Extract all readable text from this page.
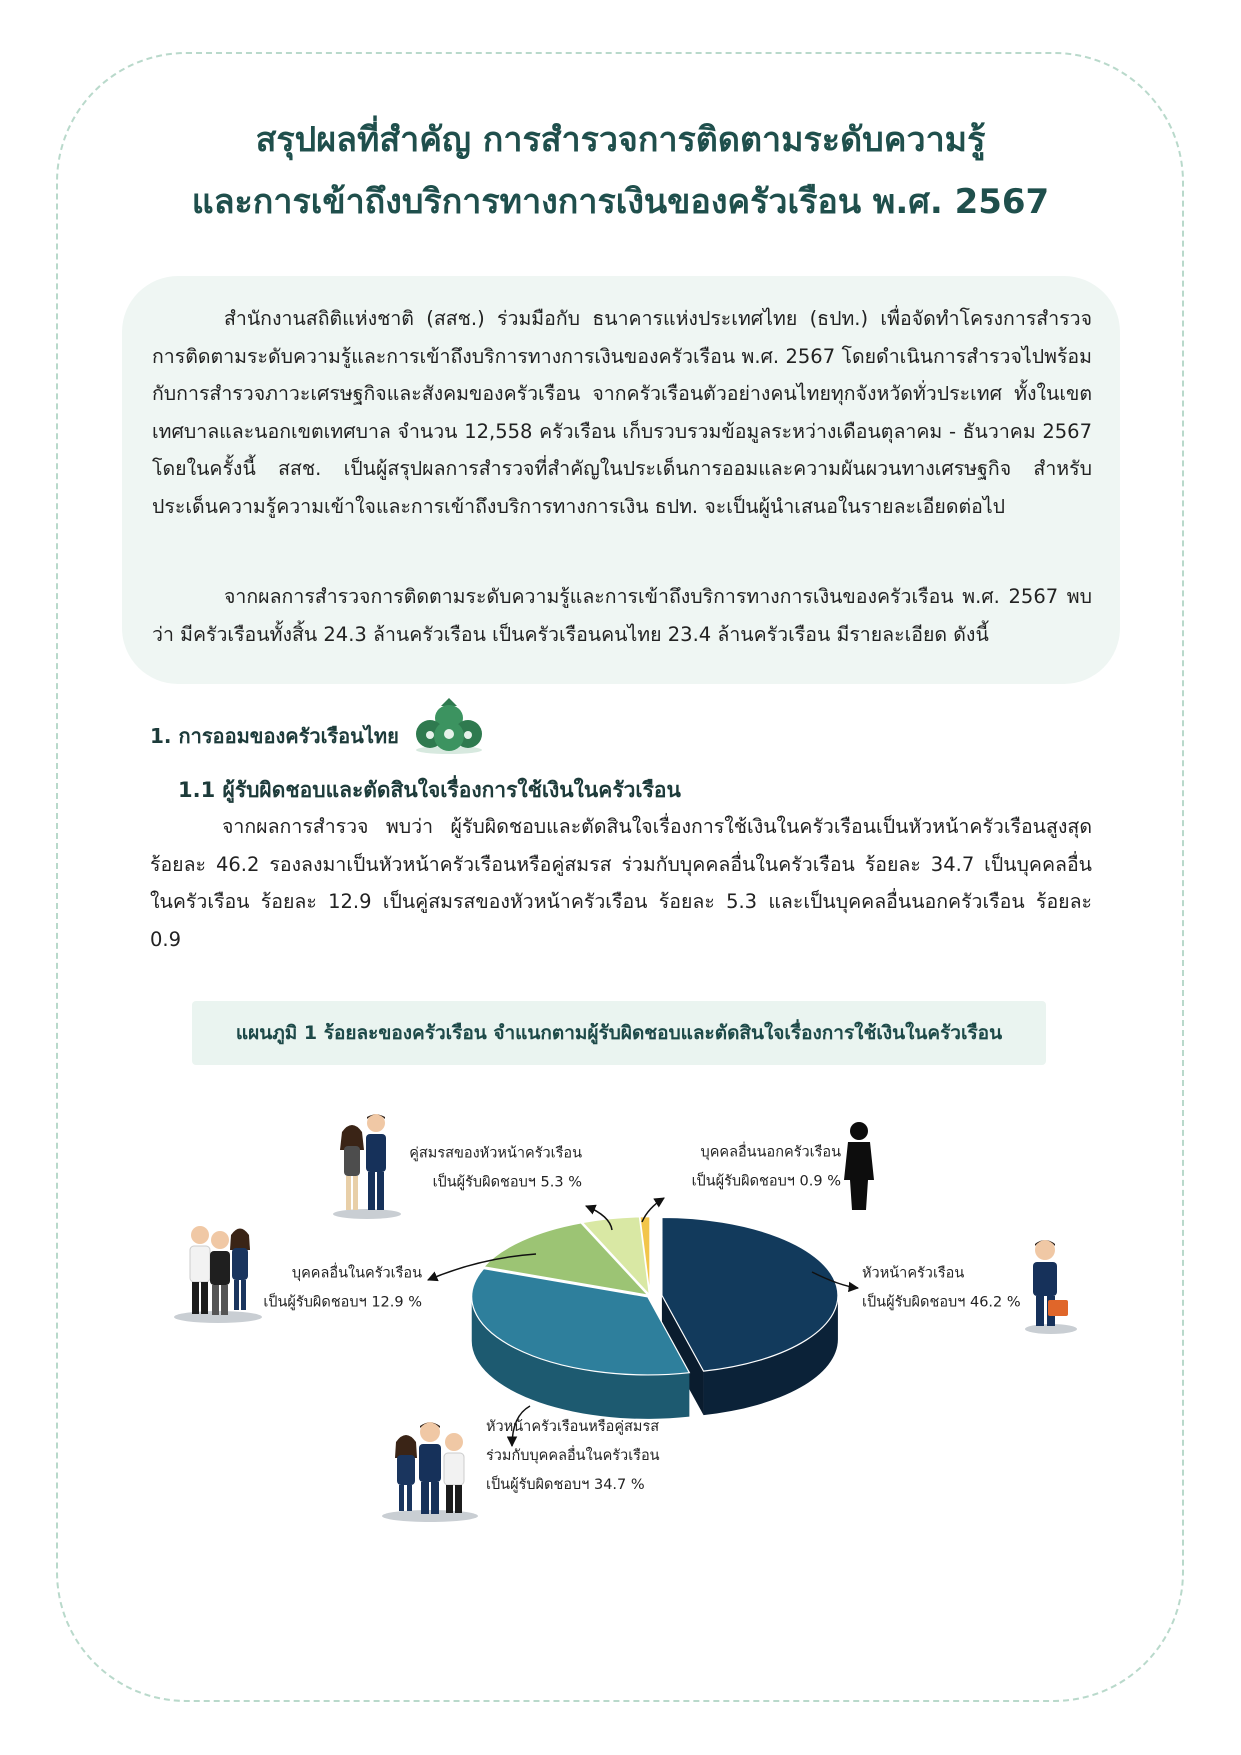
สรุปผลที่สำคัญ การสำรวจการติดตามระดับความรู้
และการเข้าถึงบริการทางการเงินของครัวเรือน พ.ศ. 2567

สำนักงานสถิติแห่งชาติ (สสช.) ร่วมมือกับ ธนาคารแห่งประเทศไทย (ธปท.) เพื่อจัดทำโครงการสำรวจการติดตามระดับความรู้และการเข้าถึงบริการทางการเงินของครัวเรือน พ.ศ. 2567 โดยดำเนินการสำรวจไปพร้อมกับการสำรวจภาวะเศรษฐกิจและสังคมของครัวเรือน จากครัวเรือนตัวอย่างคนไทยทุกจังหวัดทั่วประเทศ ทั้งในเขตเทศบาลและนอกเขตเทศบาล จำนวน 12,558 ครัวเรือน เก็บรวบรวมข้อมูลระหว่างเดือนตุลาคม - ธันวาคม 2567 โดยในครั้งนี้ สสช. เป็นผู้สรุปผลการสำรวจที่สำคัญในประเด็นการออมและความผันผวนทางเศรษฐกิจ สำหรับประเด็นความรู้ความเข้าใจและการเข้าถึงบริการทางการเงิน ธปท. จะเป็นผู้นำเสนอในรายละเอียดต่อไป

จากผลการสำรวจการติดตามระดับความรู้และการเข้าถึงบริการทางการเงินของครัวเรือน พ.ศ. 2567 พบว่า มีครัวเรือนทั้งสิ้น 24.3 ล้านครัวเรือน เป็นครัวเรือนคนไทย 23.4 ล้านครัวเรือน มีรายละเอียด ดังนี้

1. การออมของครัวเรือนไทย
1.1 ผู้รับผิดชอบและตัดสินใจเรื่องการใช้เงินในครัวเรือน

จากผลการสำรวจ พบว่า ผู้รับผิดชอบและตัดสินใจเรื่องการใช้เงินในครัวเรือนเป็นหัวหน้าครัวเรือนสูงสุดร้อยละ 46.2 รองลงมาเป็นหัวหน้าครัวเรือนหรือคู่สมรส ร่วมกับบุคคลอื่นในครัวเรือน ร้อยละ 34.7 เป็นบุคคลอื่นในครัวเรือน ร้อยละ 12.9 เป็นคู่สมรสของหัวหน้าครัวเรือน ร้อยละ 5.3 และเป็นบุคคลอื่นนอกครัวเรือน ร้อยละ 0.9

แผนภูมิ 1 ร้อยละของครัวเรือน จำแนกตามผู้รับผิดชอบและตัดสินใจเรื่องการใช้เงินในครัวเรือน
หัวหน้าครัวเรือนเป็นผู้รับผิดชอบฯ 46.2 %
หัวหน้าครัวเรือนหรือคู่สมรสร่วมกับบุคคลอื่นในครัวเรือนเป็นผู้รับผิดชอบฯ 34.7 %
บุคคลอื่นในครัวเรือนเป็นผู้รับผิดชอบฯ 12.9 %
คู่สมรสของหัวหน้าครัวเรือนเป็นผู้รับผิดชอบฯ 5.3 %
บุคคลอื่นนอกครัวเรือนเป็นผู้รับผิดชอบฯ 0.9 %
